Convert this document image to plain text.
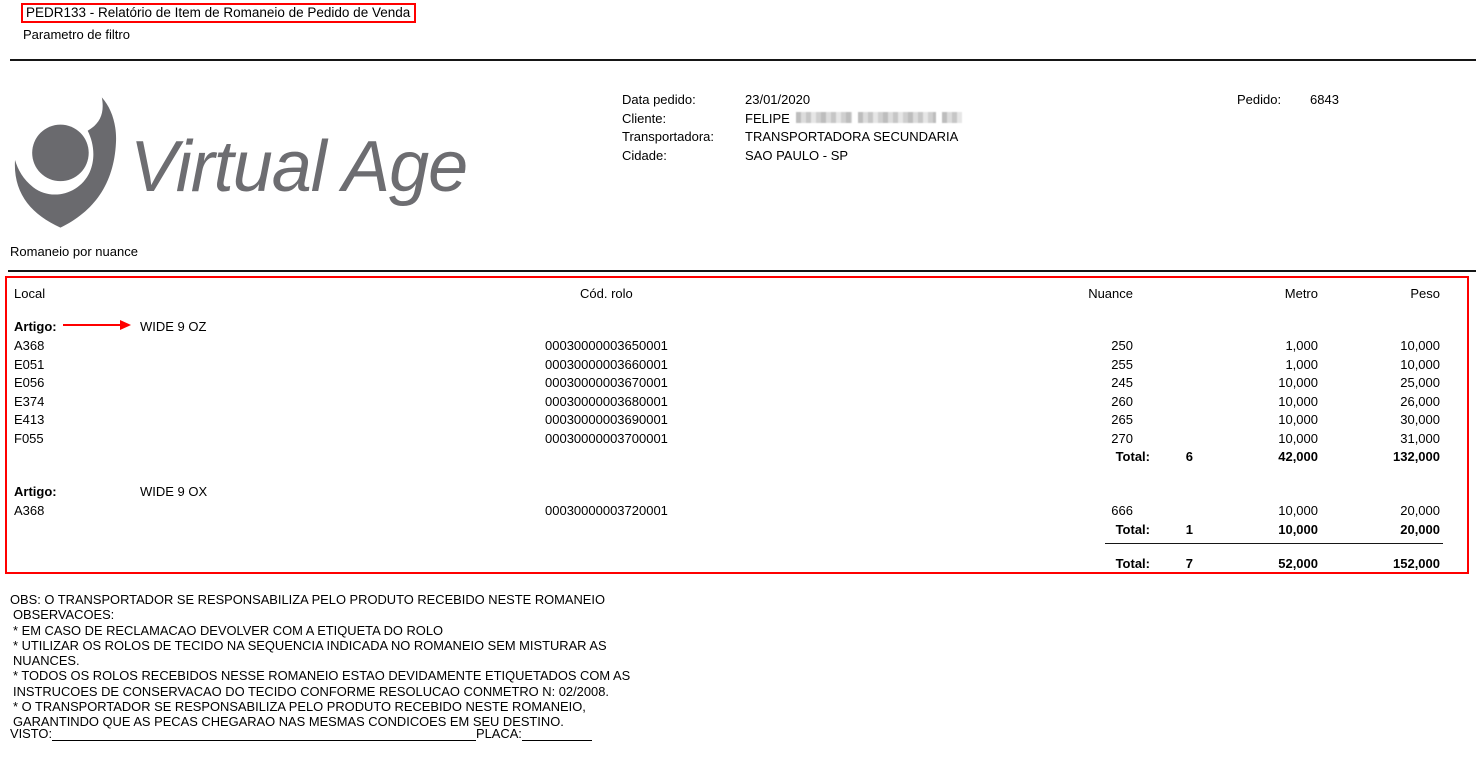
PEDR133 - Relatório de Item de Romaneio de Pedido de Venda
Parametro de filtro
Virtual Age
Data pedido:	23/01/2020
Cliente:	FELIPE
Transportadora: TRANSPORTADORA SECUNDARIA
Cidade:	SAO PAULO - SP
Pedido: 6843
Romaneio por nuance
Local	Cód. rolo	Nuance	Metro	Peso
Artigo:	WIDE 9 OZ
A368	00030000003650001	250	1,000	10,000
E051	00030000003660001	255	1,000	10,000
E056	00030000003670001	245	10,000	25,000
E374	00030000003680001	260	10,000	26,000
E413	00030000003690001	265	10,000	30,000
F055	00030000003700001	270	10,000	31,000
Total:	6	42,000	132,000
Artigo:	WIDE 9 OX
A368	00030000003720001	666	10,000	20,000
Total:	1	10,000	20,000
Total:	7	52,000	152,000
OBS: O TRANSPORTADOR SE RESPONSABILIZA PELO PRODUTO RECEBIDO NESTE ROMANEIO
OBSERVACOES:
* EM CASO DE RECLAMACAO DEVOLVER COM A ETIQUETA DO ROLO
* UTILIZAR OS ROLOS DE TECIDO NA SEQUENCIA INDICADA NO ROMANEIO SEM MISTURAR AS
NUANCES.
* TODOS OS ROLOS RECEBIDOS NESSE ROMANEIO ESTAO DEVIDAMENTE ETIQUETADOS COM AS
INSTRUCOES DE CONSERVACAO DO TECIDO CONFORME RESOLUCAO CONMETRO N: 02/2008.
* O TRANSPORTADOR SE RESPONSABILIZA PELO PRODUTO RECEBIDO NESTE ROMANEIO,
GARANTINDO QUE AS PECAS CHEGARAO NAS MESMAS CONDICOES EM SEU DESTINO.
VISTO:	PLACA:
